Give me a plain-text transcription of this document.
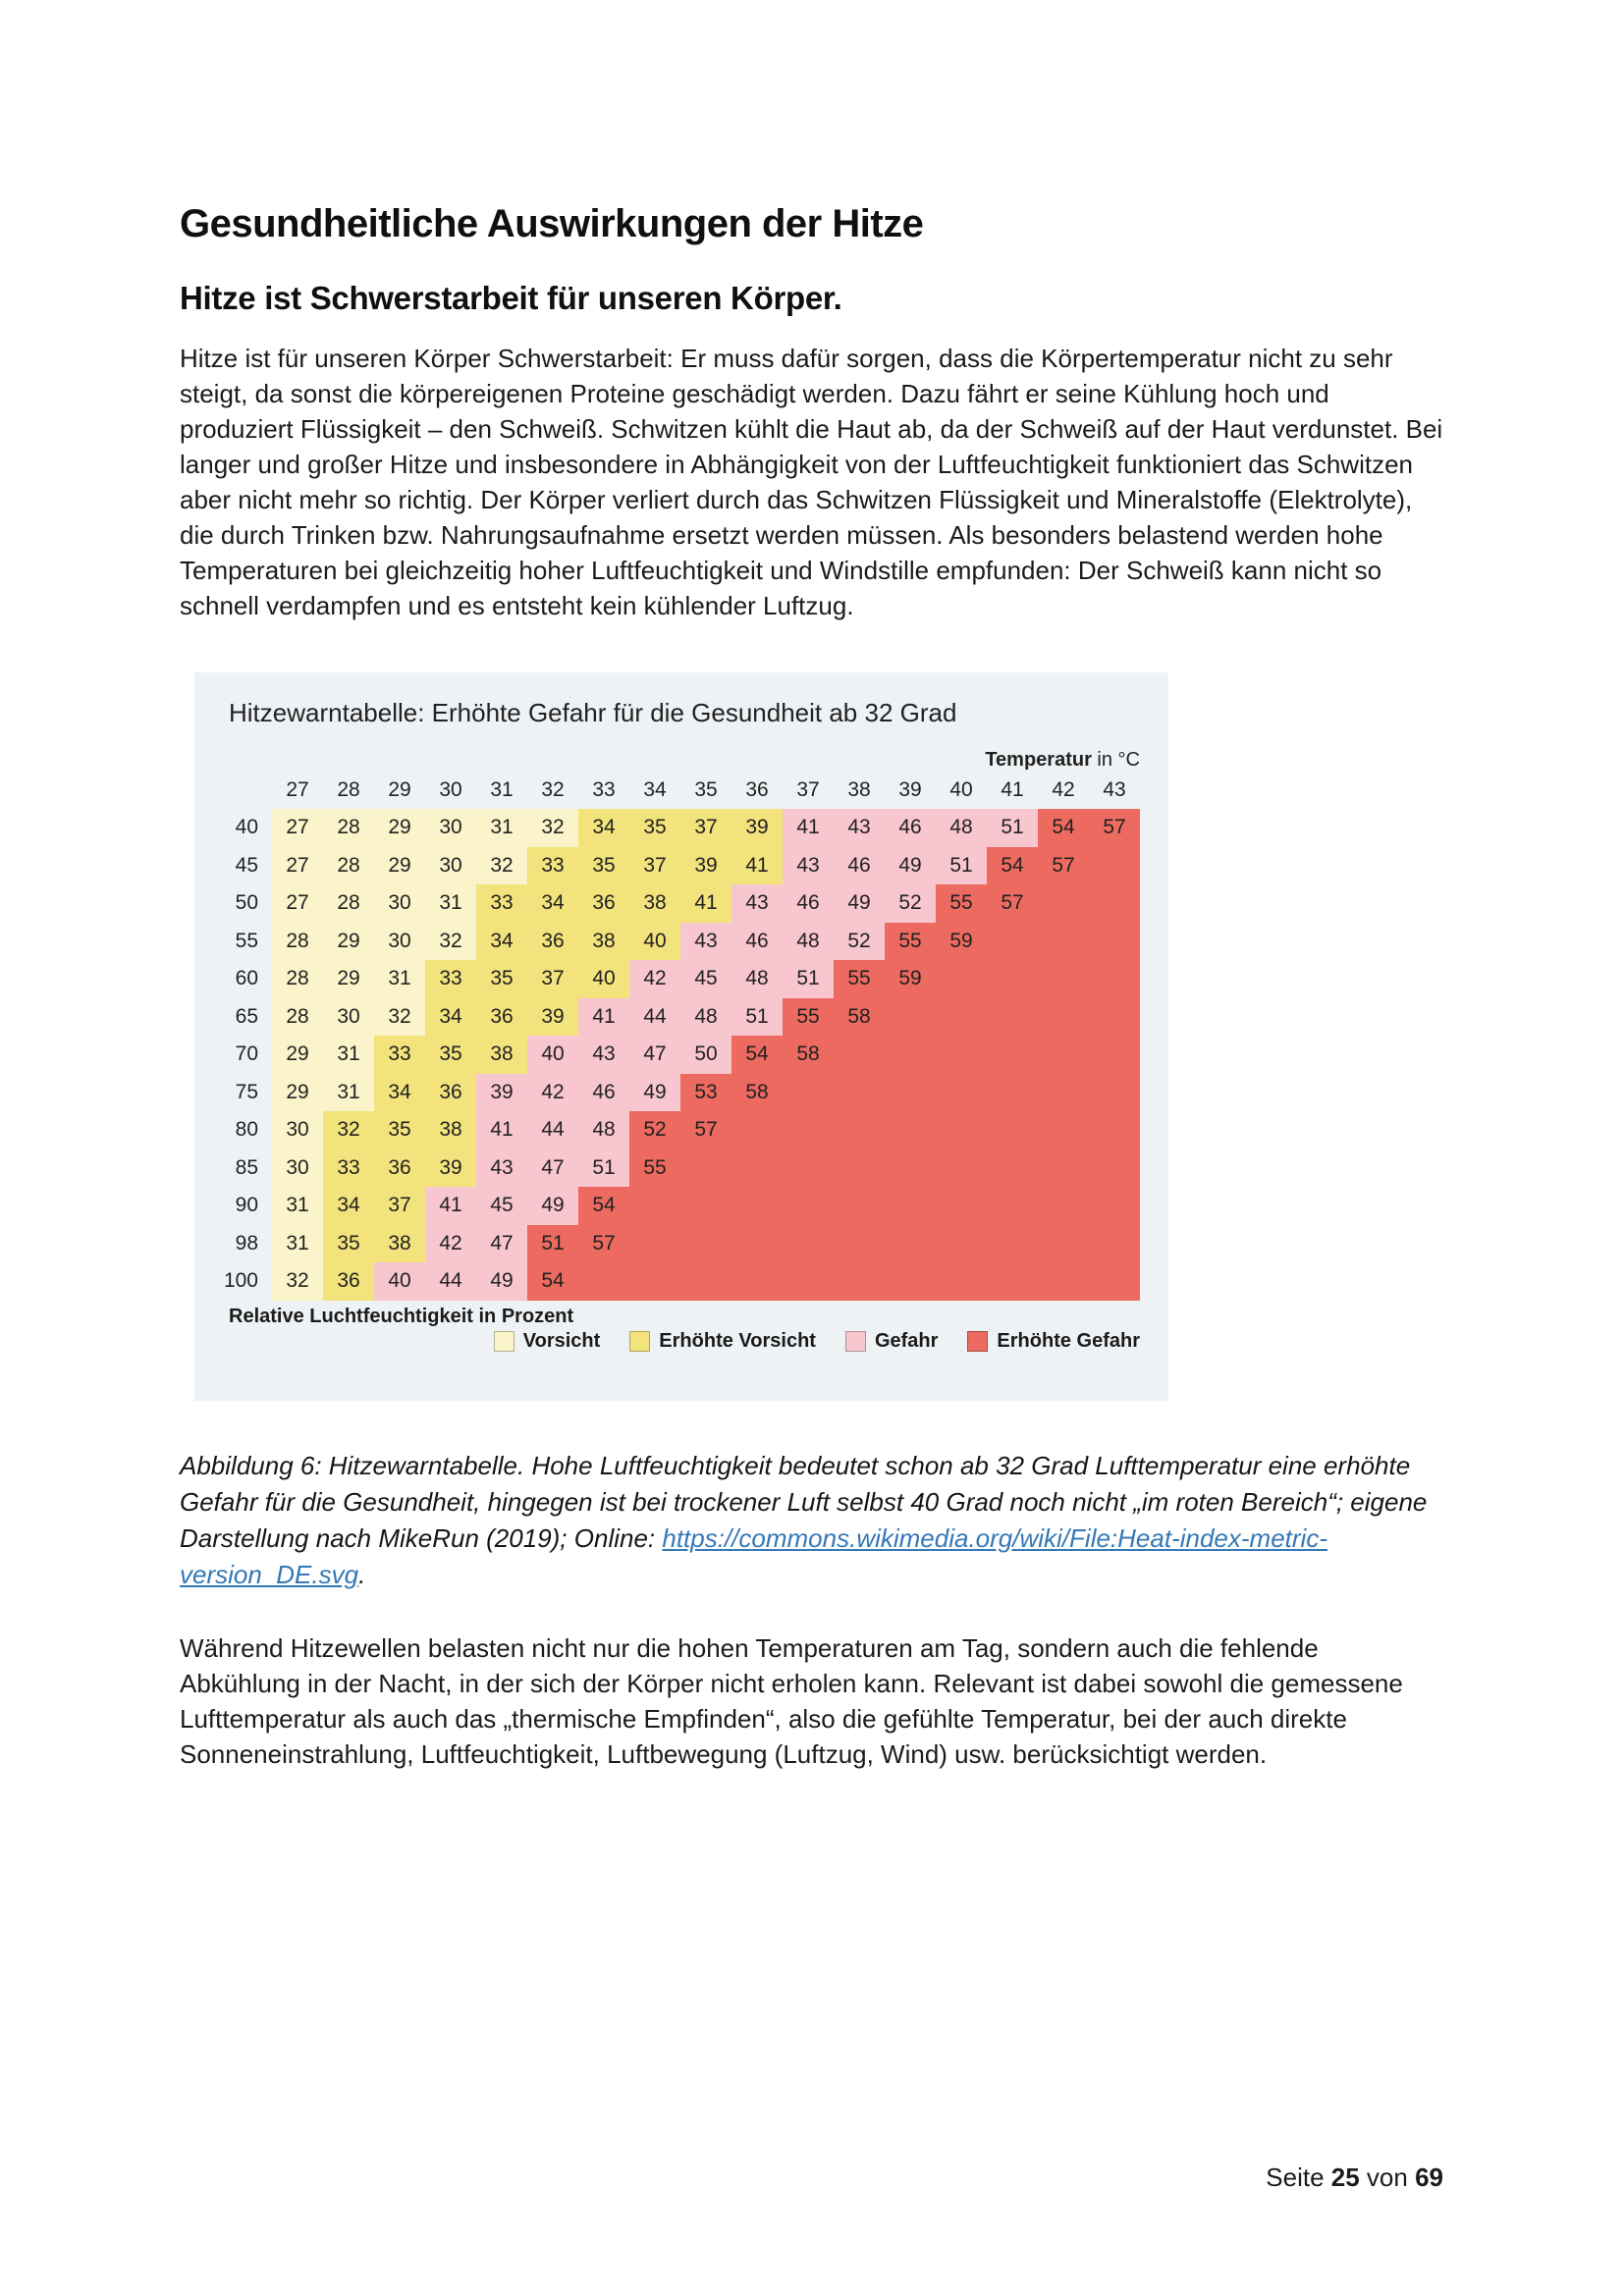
Gesundheitliche Auswirkungen der Hitze
Hitze ist Schwerstarbeit für unseren Körper.

Hitze ist für unseren Körper Schwerstarbeit: Er muss dafür sorgen, dass die Körpertemperatur nicht zu sehr steigt, da sonst die körpereigenen Proteine geschädigt werden. Dazu fährt er seine Kühlung hoch und produziert Flüssigkeit – den Schweiß. Schwitzen kühlt die Haut ab, da der Schweiß auf der Haut verdunstet. Bei langer und großer Hitze und insbesondere in Abhängigkeit von der Luftfeuchtigkeit funktioniert das Schwitzen aber nicht mehr so richtig. Der Körper verliert durch das Schwitzen Flüssigkeit und Mineralstoffe (Elektrolyte), die durch Trinken bzw. Nahrungsaufnahme ersetzt werden müssen. Als besonders belastend werden hohe Temperaturen bei gleichzeitig hoher Luftfeuchtigkeit und Windstille empfunden: Der Schweiß kann nicht so schnell verdampfen und es entsteht kein kühlender Luftzug.

Hitzewarntabelle: Erhöhte Gefahr für die Gesundheit ab 32 Grad
Temperatur in °C
27	28	29	30	31	32	33	34	35	36	37	38	39	40	41	42	43
40	27	28	29	30	31	32	34	35	37	39	41	43	46	48	51	54	57
45	27	28	29	30	32	33	35	37	39	41	43	46	49	51	54	57
50	27	28	30	31	33	34	36	38	41	43	46	49	52	55	57
55	28	29	30	32	34	36	38	40	43	46	48	52	55	59
60	28	29	31	33	35	37	40	42	45	48	51	55	59
65	28	30	32	34	36	39	41	44	48	51	55	58
70	29	31	33	35	38	40	43	47	50	54	58
75	29	31	34	36	39	42	46	49	53	58
80	30	32	35	38	41	44	48	52	57
85	30	33	36	39	43	47	51	55
90	31	34	37	41	45	49	54
98	31	35	38	42	47	51	57
100	32	36	40	44	49	54
Relative Luchtfeuchtigkeit in Prozent
Vorsicht	Erhöhte Vorsicht	Gefahr	Erhöhte Gefahr

Abbildung 6: Hitzewarntabelle. Hohe Luftfeuchtigkeit bedeutet schon ab 32 Grad Lufttemperatur eine erhöhte Gefahr für die Gesundheit, hingegen ist bei trockener Luft selbst 40 Grad noch nicht „im roten Bereich“; eigene Darstellung nach MikeRun (2019); Online: https://commons.wikimedia.org/wiki/File:Heat-index-metric-version_DE.svg.

Während Hitzewellen belasten nicht nur die hohen Temperaturen am Tag, sondern auch die fehlende Abkühlung in der Nacht, in der sich der Körper nicht erholen kann. Relevant ist dabei sowohl die gemessene Lufttemperatur als auch das „thermische Empfinden“, also die gefühlte Temperatur, bei der auch direkte Sonneneinstrahlung, Luftfeuchtigkeit, Luftbewegung (Luftzug, Wind) usw. berücksichtigt werden.

Seite 25 von 69
